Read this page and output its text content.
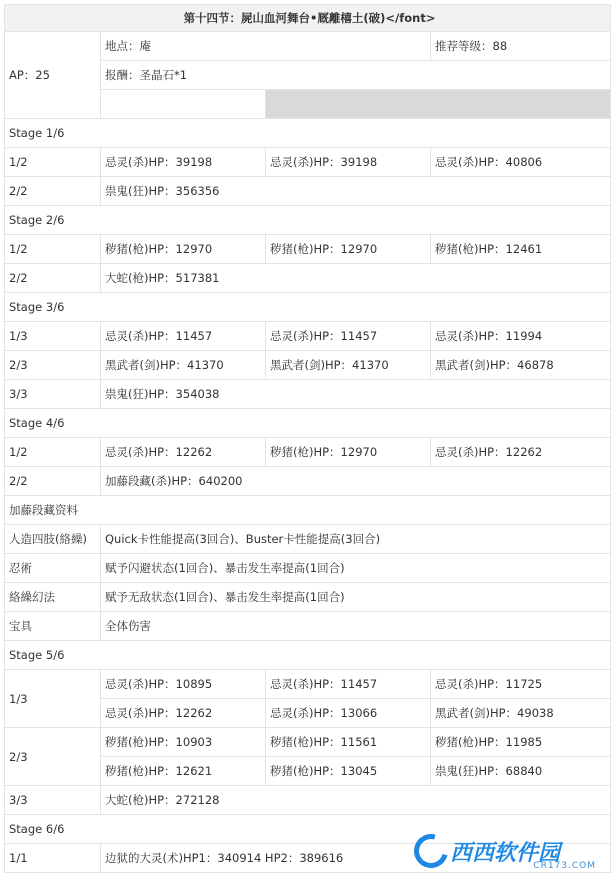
第十四节：屍山血河舞台•厩離橲土(破)</font>			
AP：25	地点：庵		推荐等级：88
	报酬：圣晶石*1		

Stage 1/6			
1/2	忌灵(杀)HP：39198	忌灵(杀)HP：39198	忌灵(杀)HP：40806
2/2	祟鬼(狂)HP：356356		
Stage 2/6			
1/2	秽猪(枪)HP：12970	秽猪(枪)HP：12970	秽猪(枪)HP：12461
2/2	大蛇(枪)HP：517381		
Stage 3/6			
1/3	忌灵(杀)HP：11457	忌灵(杀)HP：11457	忌灵(杀)HP：11994
2/3	黑武者(剑)HP：41370	黑武者(剑)HP：41370	黑武者(剑)HP：46878
3/3	祟鬼(狂)HP：354038		
Stage 4/6			
1/2	忌灵(杀)HP：12262	秽猪(枪)HP：12970	忌灵(杀)HP：12262
2/2	加藤段藏(杀)HP：640200		
加藤段藏资料			
人造四肢(絡繰)	Quick卡性能提高(3回合)、Buster卡性能提高(3回合)		
忍術	赋予闪避状态(1回合)、暴击发生率提高(1回合)		
絡繰幻法	赋予无敌状态(1回合)、暴击发生率提高(1回合)		
宝具	全体伤害		
Stage 5/6			
1/3	忌灵(杀)HP：10895	忌灵(杀)HP：11457	忌灵(杀)HP：11725
	忌灵(杀)HP：12262	忌灵(杀)HP：13066	黑武者(剑)HP：49038
2/3	秽猪(枪)HP：10903	秽猪(枪)HP：11561	秽猪(枪)HP：11985
	秽猪(枪)HP：12621	秽猪(枪)HP：13045	祟鬼(狂)HP：68840
3/3	大蛇(枪)HP：272128		
Stage 6/6			
1/1	边狱的大灵(术)HP1：340914 HP2：389616			西西软件园
CR173.COM
